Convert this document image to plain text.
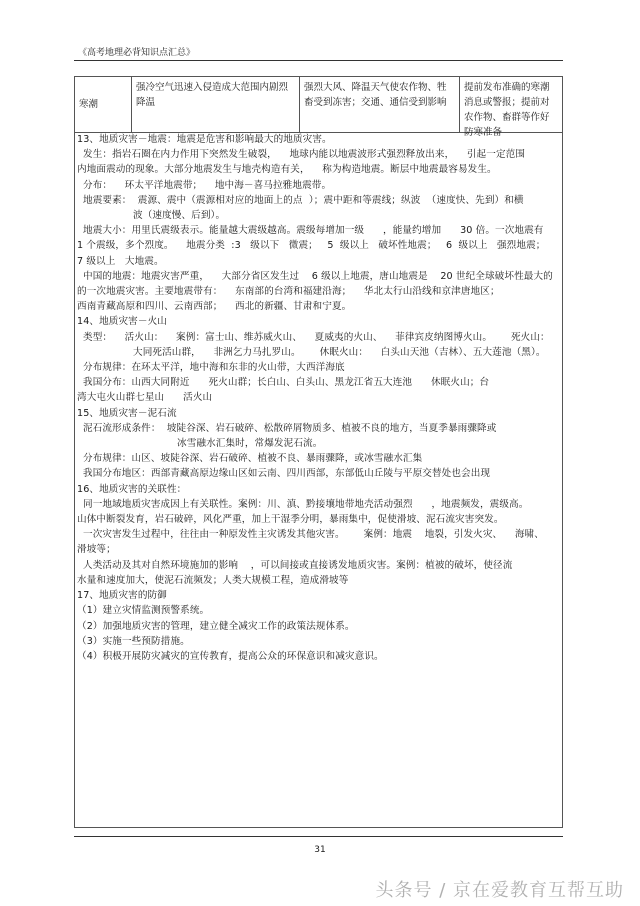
《高考地理必背知识点汇总》
寒潮
强冷空气迅速入侵造成大范围内剧烈降温
强烈大风、降温天气使农作物、牲畜受到冻害；交通、通信受到影响
提前发布准确的寒潮消息或警报；提前对农作物、畜群等作好防寒准备

13、地质灾害－地震：地震是危害和影响最大的地质灾害。

发生：指岩石圈在内力作用下突然发生破裂，    地球内能以地震波形式强烈释放出来，    引起一定范围

内地面震动的现象。大部分地震发生与地壳构造有关，    称为构造地震。断层中地震最容易发生。

分布：    环太平洋地震带；    地中海－喜马拉雅地震带。

地震要素：  震源、震中（震源相对应的地面上的点  ）；震中距和等震线；纵波  （速度快、先到）和横

波（速度慢、后到）。

地震大小：用里氏震级表示。能量越大震级越高。震级每增加一级      ，能量约增加      30 倍。一次地震有

1 个震级，多个烈度。    地震分类  :3   级以下   微震；   5  级以上   破坏性地震；   6  级以上   强烈地震；

7 级以上   大地震。

中国的地震：地震灾害严重，    大部分省区发生过    6 级以上地震，唐山地震是    20 世纪全球破坏性最大的

的一次地震灾害。主要地震带有：    东南部的台湾和福建沿海；    华北太行山沿线和京津唐地区；

西南青藏高原和四川、云南西部；    西北的新疆、甘肃和宁夏。

14、地质灾害－火山

类型：    活火山：    案例：富士山、维苏威火山、    夏威夷的火山、    菲律宾皮纳图博火山。      死火山：

大同死活山群，    非洲乞力马扎罗山。      休眠火山：    白头山天池（吉林）、五大莲池（黑）。

分布规律：在环太平洋，地中海和东非的火山带，大西洋海底

我国分布：山西大同附近      死火山群；长白山、白头山、黑龙江省五大连池      休眠火山；台

湾大屯火山群七星山      活火山

15、地质灾害－泥石流

泥石流形成条件：  坡陡谷深、岩石破碎、松散碎屑物质多、植被不良的地方，当夏季暴雨骤降或

冰雪融水汇集时，常爆发泥石流。

分布规律：山区、坡陡谷深、岩石破碎、植被不良、暴雨骤降，或冰雪融水汇集

我国分布地区：西部青藏高原边缘山区如云南、四川西部，东部低山丘陵与平原交替处也会出现

16、地质灾害的关联性：

同一地域地质灾害成因上有关联性。案例：川、滇、黔接壤地带地壳活动强烈      ，地震频发，震级高。

山体中断裂发育，岩石破碎，风化严重，加上干湿季分明，暴雨集中，促使滑坡、泥石流灾害突发。

一次灾害发生过程中，往往由一种原发性主灾诱发其他灾害。      案例：地震    地裂，引发火灾、    海啸、

滑坡等；

人类活动及其对自然环境施加的影响    ，可以间接或直接诱发地质灾害。案例：植被的破坏，使径流

水量和速度加大，使泥石流频发；人类大规模工程，造成滑坡等

17、地质灾害的防御

（1）建立灾情监测预警系统。

（2）加强地质灾害的管理，建立健全减灾工作的政策法规体系。

（3）实施一些预防措施。

（4）积极开展防灾减灾的宣传教育，提高公众的环保意识和减灾意识。

31
头条号 / 京在爱教育互帮互助
